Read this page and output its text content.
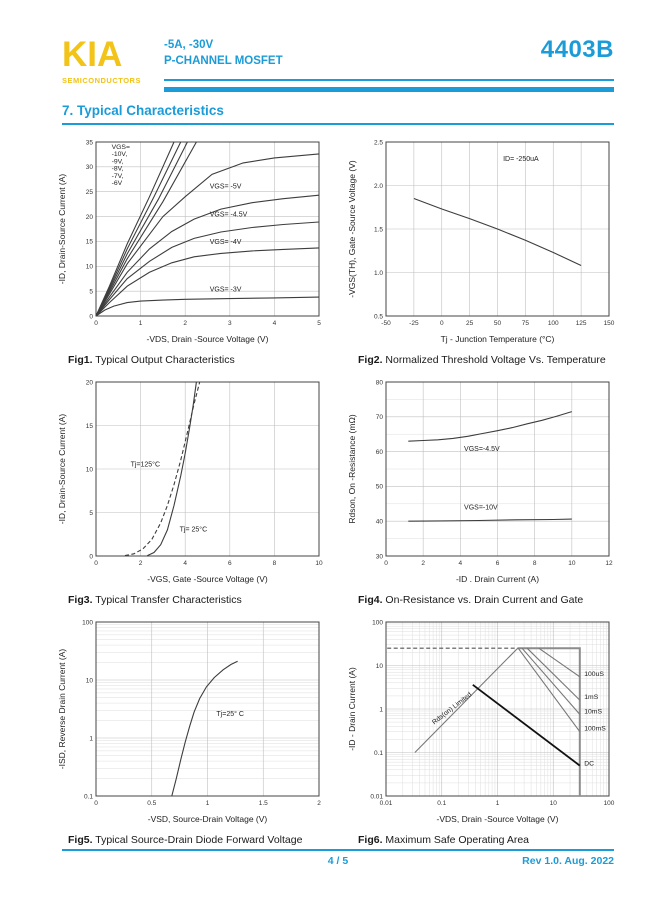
KIA
SEMICONDUCTORS
-5A, -30V
P-CHANNEL MOSFET	4403B
7. Typical Characteristics
0	1	2	3	4	5
0
5
10
15
20
25
30
35
-VDS, Drain -Source Voltage (V)
-ID, Drain-Source Current (A)
VGS= -10V, -9V, -8V, -7V, -6V
VGS= -5V
VGS= -4.5V
VGS= -4V
VGS= -3V
Fig1. Typical Output Characteristics
-50	-25	0	25	50	75	100	125	150
0.5
1.0
1.5
2.0
2.5
Tj - Junction Temperature (°C)
-VGS(TH), Gate -Source Voltage (V)
ID= -250uA
Fig2. Normalized Threshold Voltage Vs. Temperature
0	2	4	6	8	10
0
5
10
15
20
-VGS, Gate -Source Voltage (V)
-ID, Drain-Source Current (A)	Tj=125°C
Tj= 25°C
Fig3. Typical Transfer Characteristics
0	2	4	6	8	10	12
30
40
50
60
70
80
-ID . Drain Current (A)
Rdson, On -Resistance (mΩ)	VGS=-4.5V
VGS=-10V
Fig4. On-Resistance vs. Drain Current and Gate
0	0.5	1	1.5	2
0.1
1
10
100
-VSD, Source-Drain Voltage (V)
-ISD, Reverse Drain Current (A)	Tj=25° C
Fig5. Typical Source-Drain Diode Forward Voltage
0.01	0.1	1	10	100
0.01
0.1
1
10
100
-VDS, Drain -Source Voltage (V)
-ID - Drain Current (A)	100uS
1mS
10mS
100mS
DC
Rds(on) Limited
Fig6. Maximum Safe Operating Area
4 / 5	Rev 1.0. Aug. 2022
